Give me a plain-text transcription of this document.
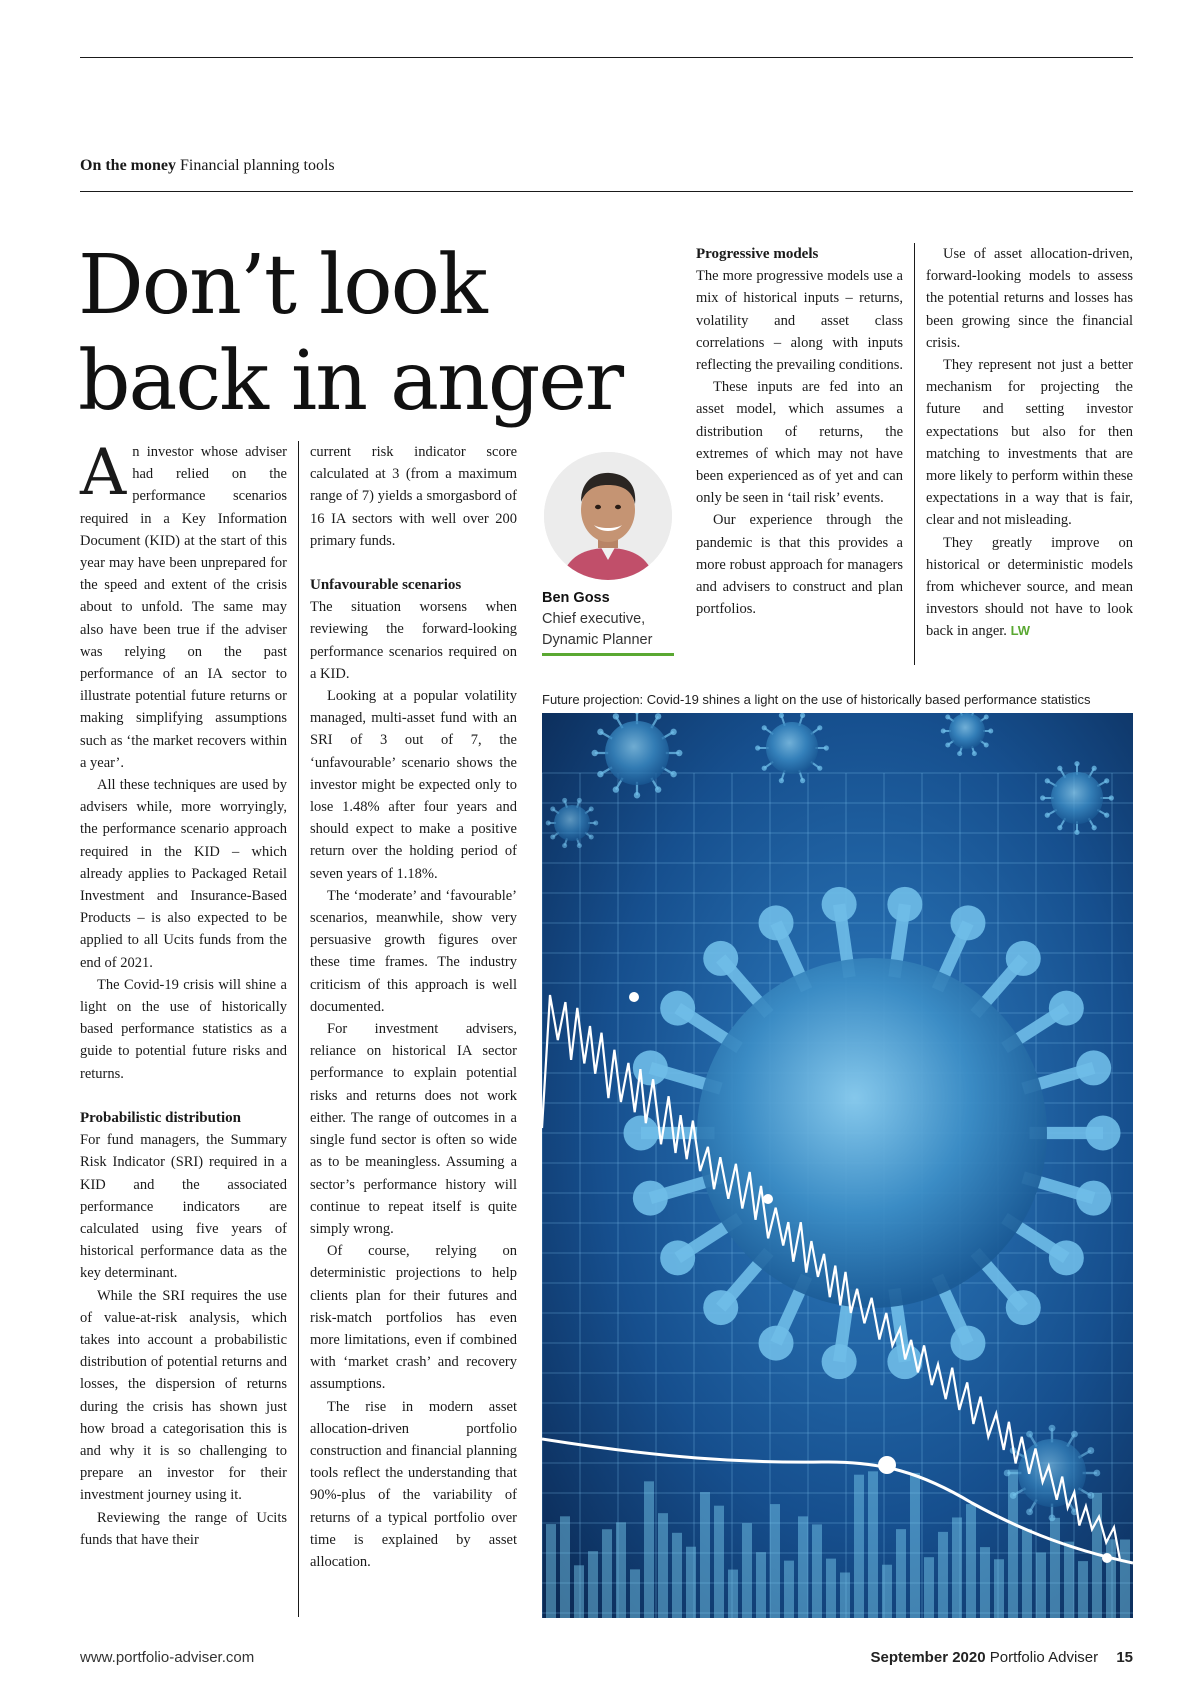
On the money Financial planning tools
Don’t look back in anger

An investor whose adviser had relied on the performance scenarios required in a Key Information Document (KID) at the start of this year may have been unprepared for the speed and extent of the crisis about to unfold. The same may also have been true if the adviser was relying on the past performance of an IA sector to illustrate potential future returns or making simplifying assumptions such as ‘the market recovers within a year’.

All these techniques are used by advisers while, more worryingly, the performance scenario approach required in the KID – which already applies to Packaged Retail Investment and Insurance-Based Products – is also expected to be applied to all Ucits funds from the end of 2021.

The Covid-19 crisis will shine a light on the use of historically based performance statistics as a guide to potential future risks and returns.

Probabilistic distribution

For fund managers, the Summary Risk Indicator (SRI) required in a KID and the associated performance indicators are calculated using five years of historical performance data as the key determinant.

While the SRI requires the use of value-at-risk analysis, which takes into account a probabilistic distribution of potential returns and losses, the dispersion of returns during the crisis has shown just how broad a categorisation this is and why it is so challenging to prepare an investor for their investment journey using it.

Reviewing the range of Ucits funds that have their

current risk indicator score calculated at 3 (from a maximum range of 7) yields a smorgasbord of 16 IA sectors with well over 200 primary funds.

Unfavourable scenarios

The situation worsens when reviewing the forward-looking performance scenarios required on a KID.

Looking at a popular volatility managed, multi-asset fund with an SRI of 3 out of 7, the ‘unfavourable’ scenario shows the investor might be expected only to lose 1.48% after four years and should expect to make a positive return over the holding period of seven years of 1.18%.

The ‘moderate’ and ‘favourable’ scenarios, meanwhile, show very persuasive growth figures over these time frames. The industry criticism of this approach is well documented.

For investment advisers, reliance on historical IA sector performance to explain potential risks and returns does not work either. The range of outcomes in a single fund sector is often so wide as to be meaningless. Assuming a sector’s performance history will continue to repeat itself is quite simply wrong.

Of course, relying on deterministic projections to help clients plan for their futures and risk-match portfolios has even more limitations, even if combined with ‘market crash’ and recovery assumptions.

The rise in modern asset allocation-driven portfolio construction and financial planning tools reflect the understanding that 90%-plus of the variability of returns of a typical portfolio over time is explained by asset allocation.

Ben Goss
Chief executive,
Dynamic Planner
Progressive models

The more progressive models use a mix of historical inputs – returns, volatility and asset class correlations – along with inputs reflecting the prevailing conditions.

These inputs are fed into an asset model, which assumes a distribution of returns, the extremes of which may not have been experienced as of yet and can only be seen in ‘tail risk’ events.

Our experience through the pandemic is that this provides a more robust approach for managers and advisers to construct and plan portfolios.

Use of asset allocation-driven, forward-looking models to assess the potential returns and losses has been growing since the financial crisis.

They represent not just a better mechanism for projecting the future and setting investor expectations but also for then matching to investments that are more likely to perform within these expectations in a way that is fair, clear and not misleading.

They greatly improve on historical or deterministic models from whichever source, and mean investors should not have to look back in anger. LW

Future projection: Covid-19 shines a light on the use of historically based performance statistics
www.portfolio-adviser.com	September 2020 Portfolio Adviser 15
